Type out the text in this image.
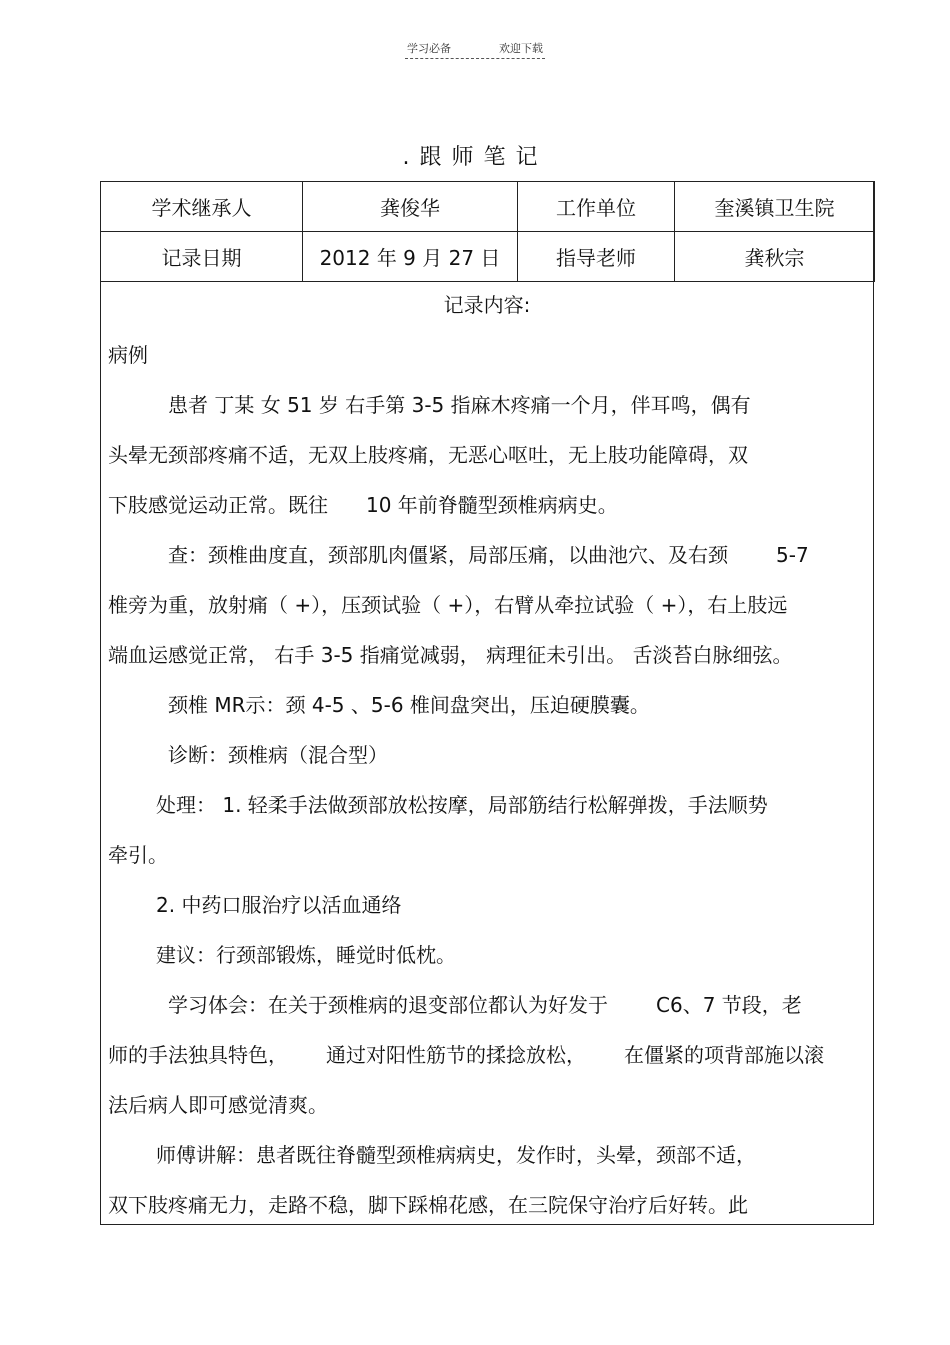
学习必备	欢迎下载
.跟师笔记
学术继承人	龚俊华	工作单位	奎溪镇卫生院
记录日期	2012 年 9 月 27 日	指导老师	龚秋宗

记录内容:

病例

患者 丁某 女 51 岁 右手第 3-5 指麻木疼痛一个月，伴耳鸣，偶有

头晕无颈部疼痛不适，无双上肢疼痛，无恶心呕吐，无上肢功能障碍，双

下肢感觉运动正常。既往 10 年前脊髓型颈椎病病史。

查：颈椎曲度直，颈部肌肉僵紧，局部压痛，以曲池穴、及右颈 5-7

椎旁为重，放射痛（ +），压颈试验（ +），右臂从牵拉试验（ +），右上肢远

端血运感觉正常， 右手 3-5 指痛觉减弱， 病理征未引出。 舌淡苔白脉细弦。

颈椎 MR示：颈 4-5 、5-6 椎间盘突出，压迫硬膜囊。

诊断：颈椎病（混合型）

处理： 1. 轻柔手法做颈部放松按摩，局部筋结行松解弹拨，手法顺势

牵引。

2. 中药口服治疗以活血通络

建议：行颈部锻炼，睡觉时低枕。

学习体会：在关于颈椎病的退变部位都认为好发于 C6、7 节段，老

师的手法独具特色， 通过对阳性筋节的揉捻放松， 在僵紧的项背部施以滚

法后病人即可感觉清爽。

师傅讲解：患者既往脊髓型颈椎病病史，发作时，头晕，颈部不适，

双下肢疼痛无力，走路不稳，脚下踩棉花感，在三院保守治疗后好转。此
